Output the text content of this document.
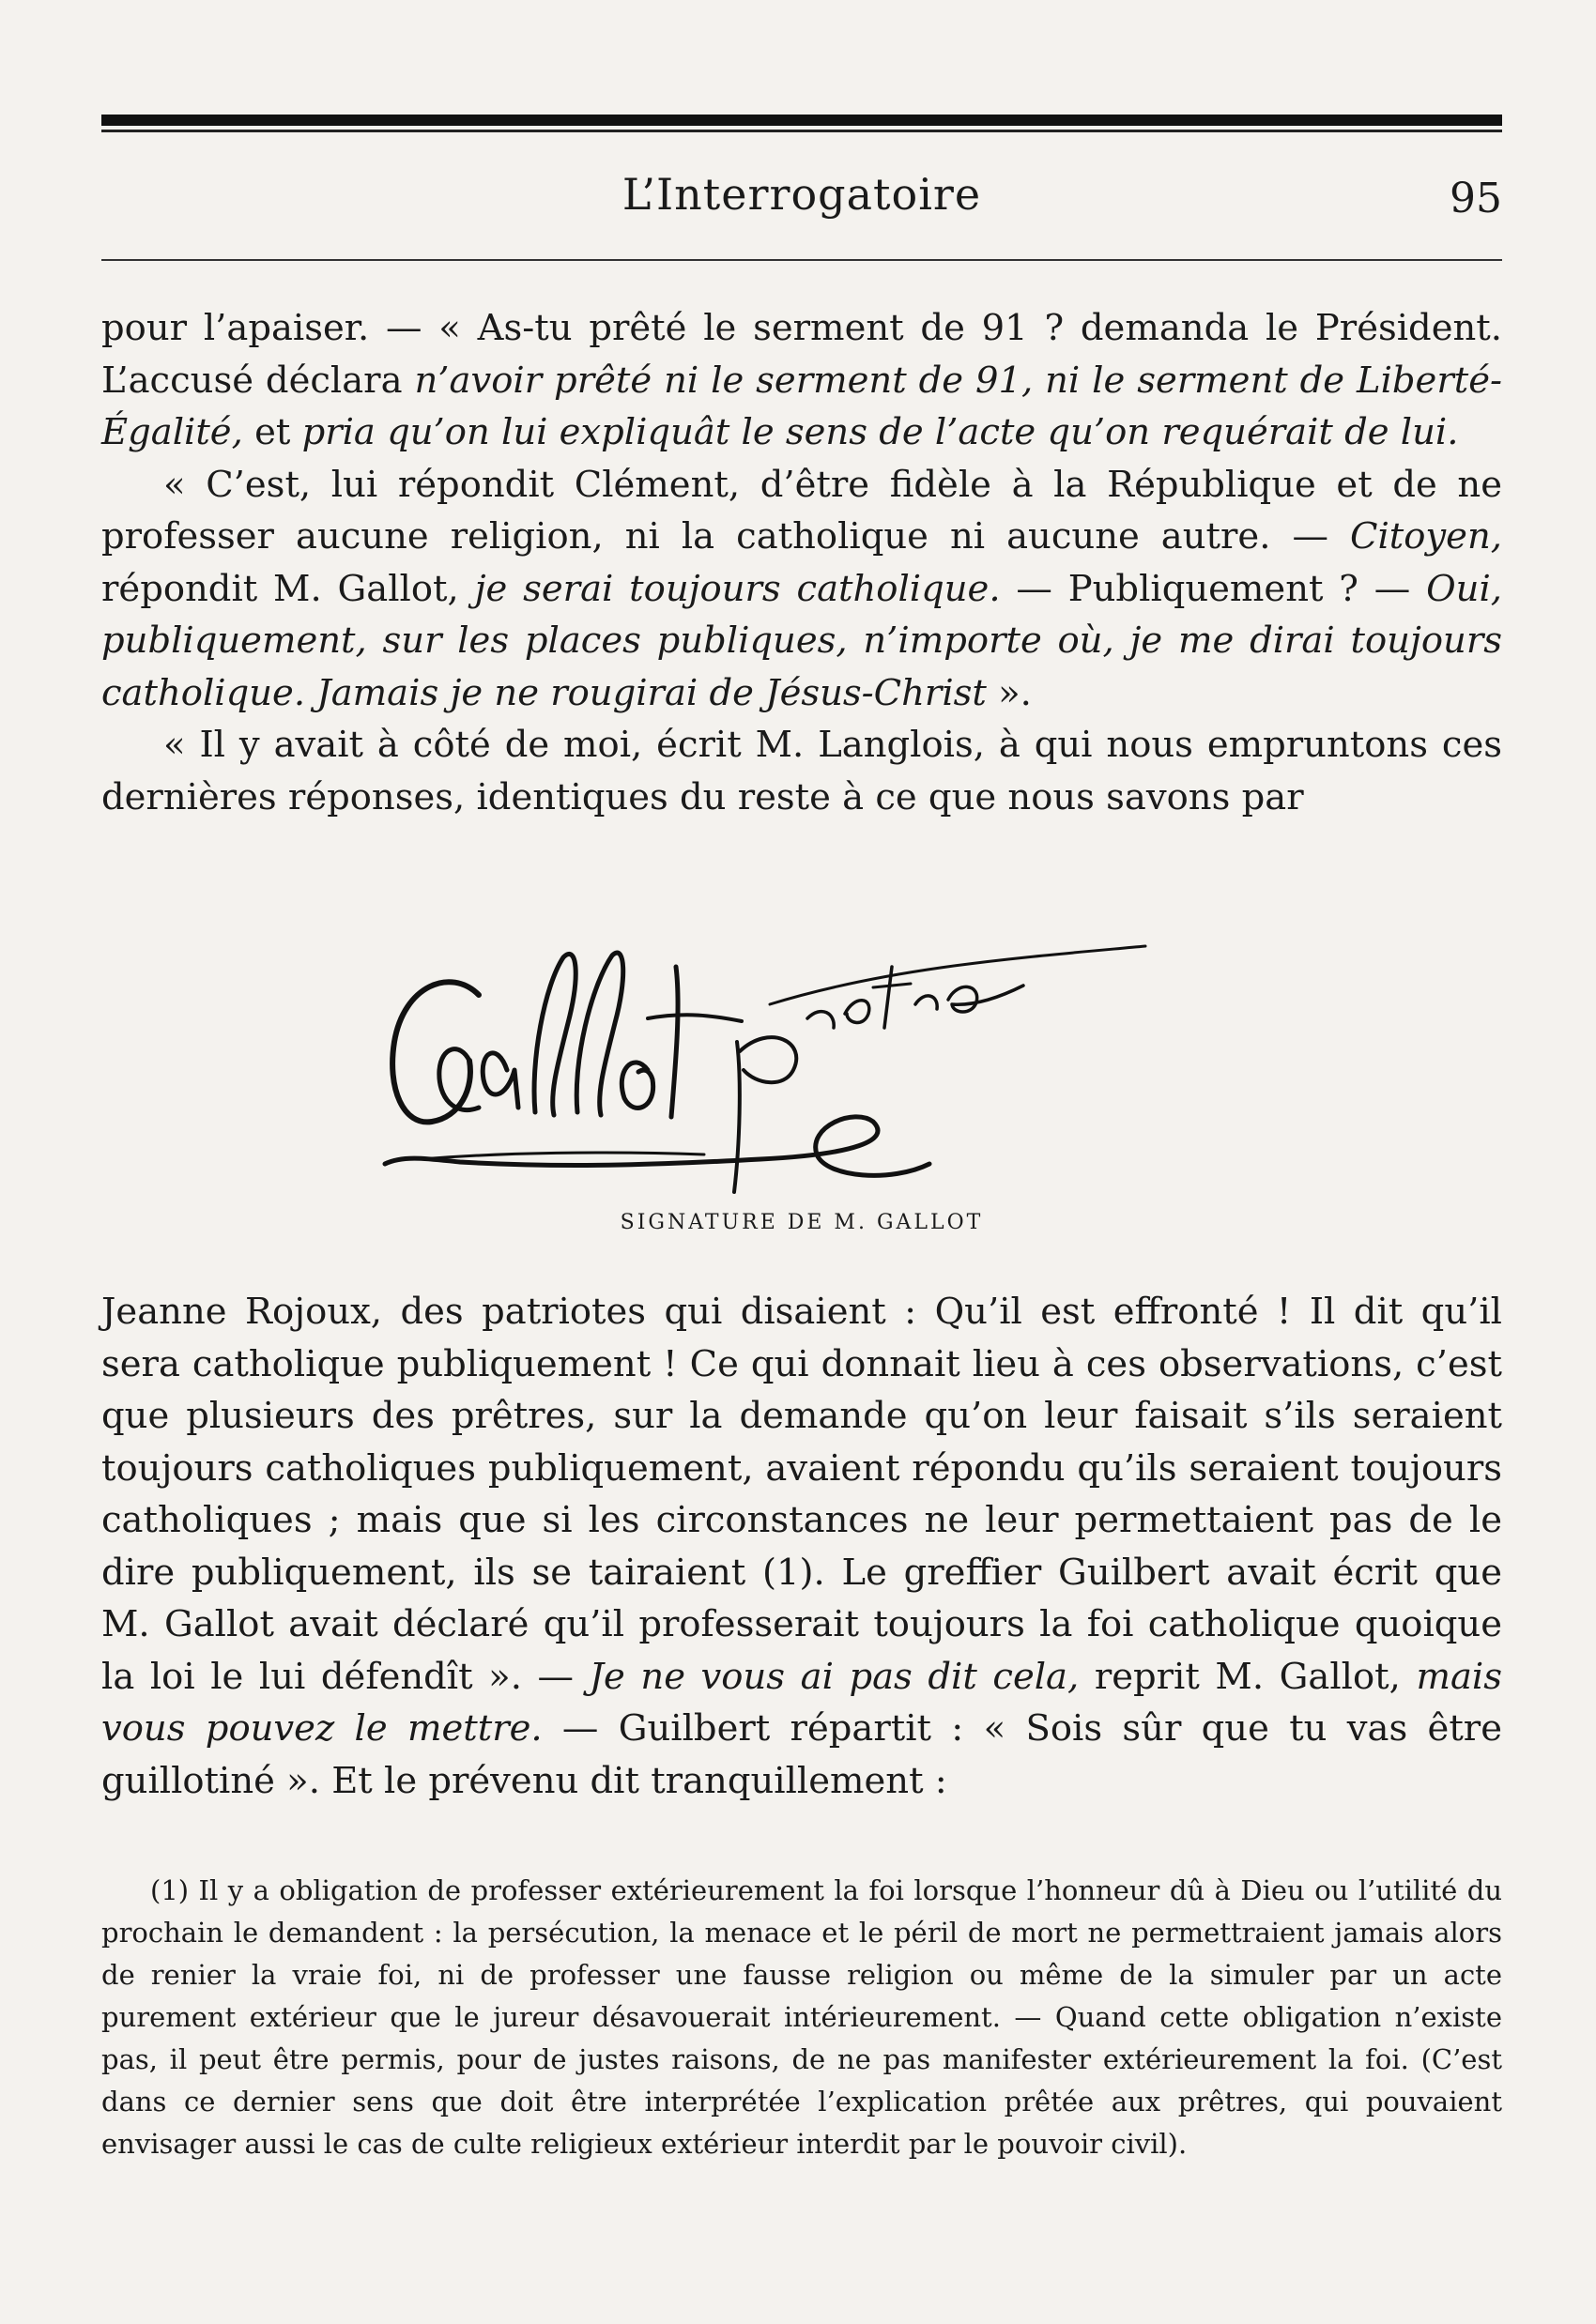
L’Interrogatoire	95

pour l’apaiser. — « As-tu prêté le serment de 91 ? demanda le Président. L’accusé déclara n’avoir prêté ni le serment de 91, ni le serment de Liberté-Égalité, et pria qu’on lui expliquât le sens de l’acte qu’on requérait de lui.

« C’est, lui répondit Clément, d’être fidèle à la République et de ne professer aucune religion, ni la catholique ni aucune autre. — Citoyen, répondit M. Gallot, je serai toujours catholique. — Publiquement ? — Oui, publiquement, sur les places publiques, n’importe où, je me dirai toujours catholique. Jamais je ne rougirai de Jésus-Christ ».

« Il y avait à côté de moi, écrit M. Langlois, à qui nous empruntons ces dernières réponses, identiques du reste à ce que nous savons par

Gallot prêtre
SIGNATURE DE M. GALLOT

Jeanne Rojoux, des patriotes qui disaient : Qu’il est effronté ! Il dit qu’il sera catholique publiquement ! Ce qui donnait lieu à ces observations, c’est que plusieurs des prêtres, sur la demande qu’on leur faisait s’ils seraient toujours catholiques publiquement, avaient répondu qu’ils seraient toujours catholiques ; mais que si les circonstances ne leur permettaient pas de le dire publiquement, ils se tairaient (1). Le greffier Guilbert avait écrit que M. Gallot avait déclaré qu’il professerait toujours la foi catholique quoique la loi le lui défendît ». — Je ne vous ai pas dit cela, reprit M. Gallot, mais vous pouvez le mettre. — Guilbert répartit : « Sois sûr que tu vas être guillotiné ». Et le prévenu dit tranquillement :

(1) Il y a obligation de professer extérieurement la foi lorsque l’honneur dû à Dieu ou l’utilité du prochain le demandent : la persécution, la menace et le péril de mort ne permettraient jamais alors de renier la vraie foi, ni de professer une fausse religion ou même de la simuler par un acte purement extérieur que le jureur désavouerait intérieurement. — Quand cette obligation n’existe pas, il peut être permis, pour de justes raisons, de ne pas manifester extérieurement la foi. (C’est dans ce dernier sens que doit être interprétée l’explication prêtée aux prêtres, qui pouvaient envisager aussi le cas de culte religieux extérieur interdit par le pouvoir civil).
